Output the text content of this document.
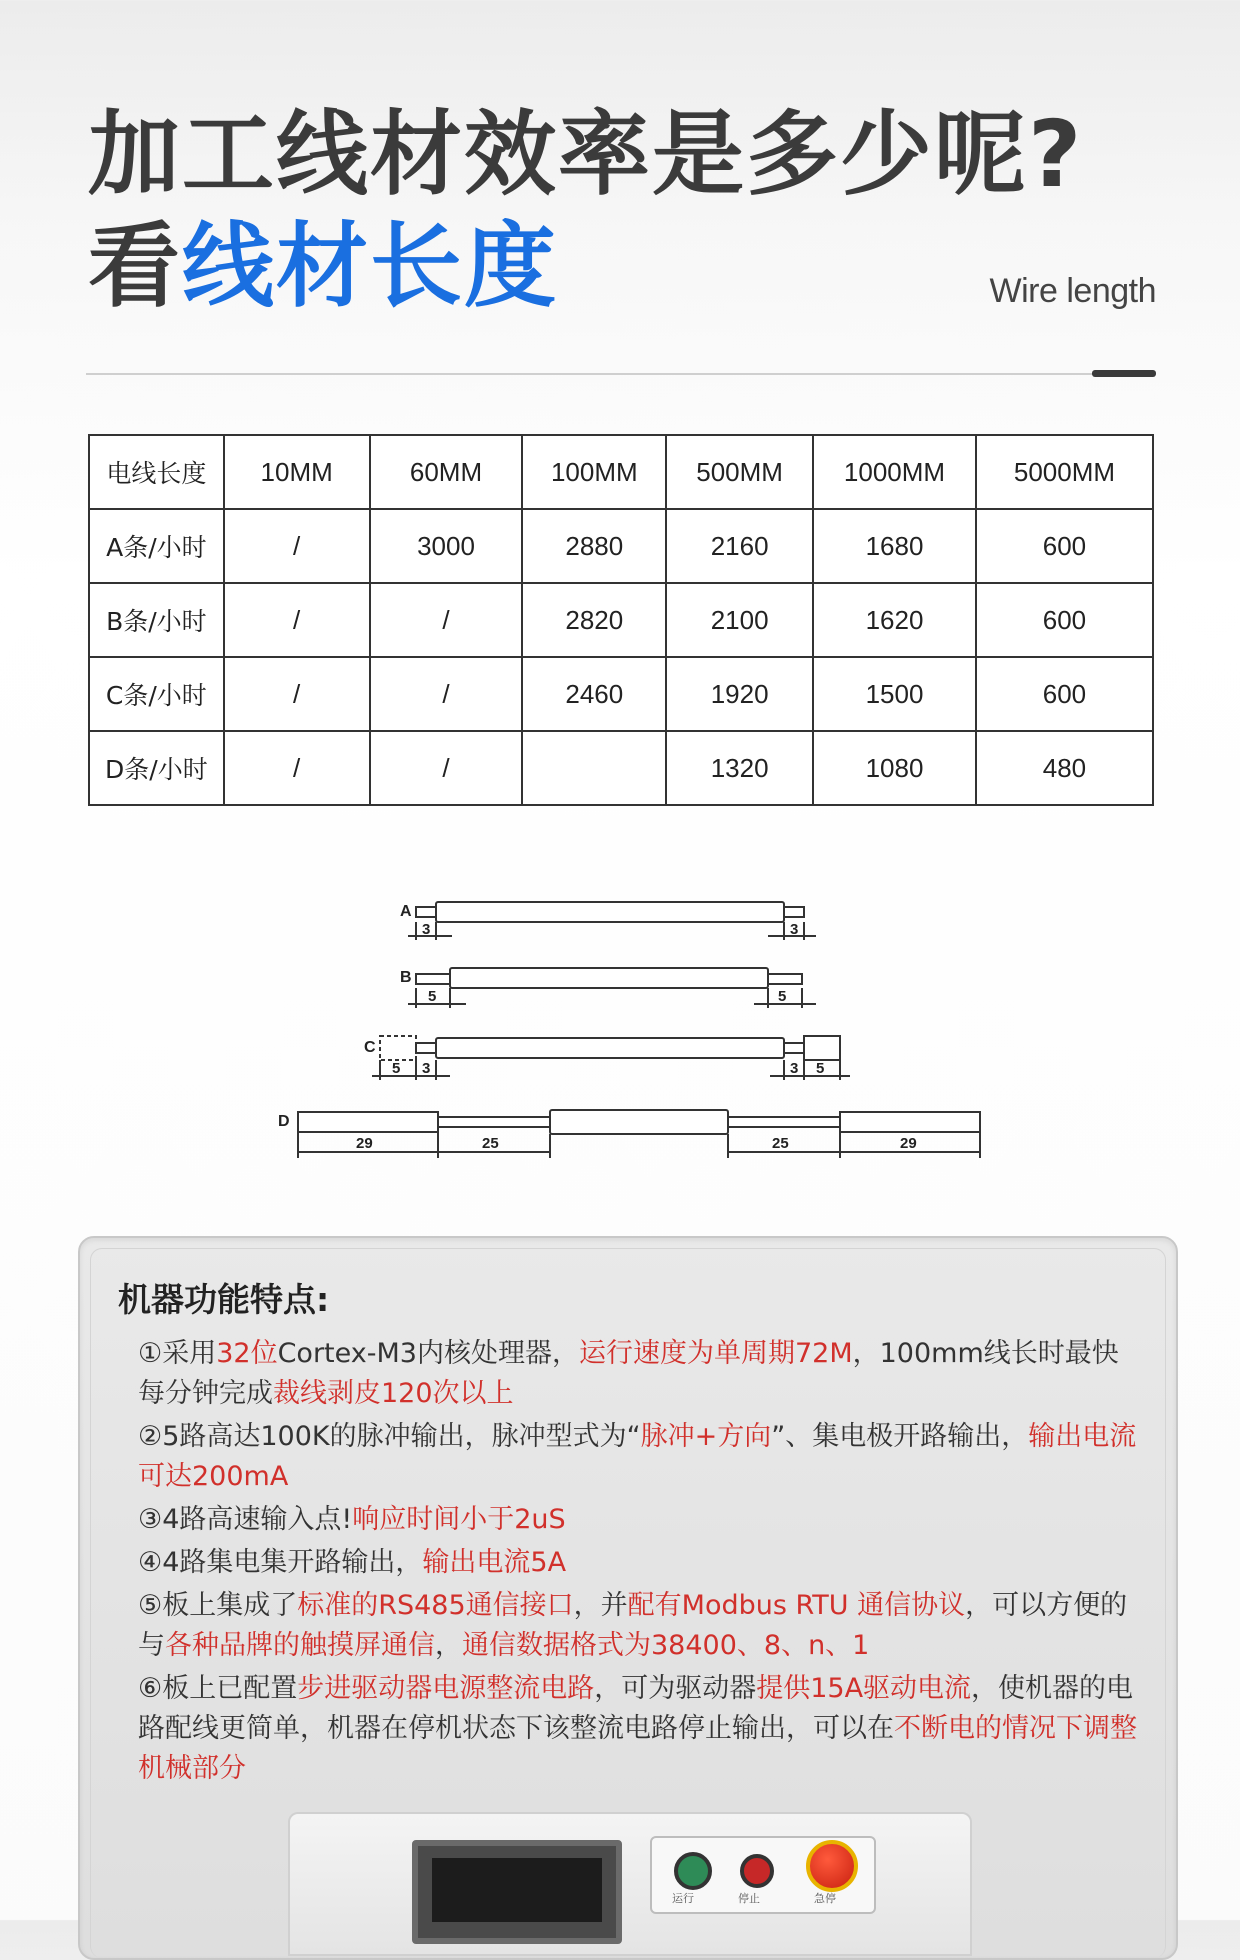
加工线材效率是多少呢?
看线材长度	Wire length
电线长度	10MM	60MM	100MM	500MM	1000MM	5000MM
A条/小时	/	3000	2880	2160	1680	600
B条/小时	/	/	2820	2100	1620	600
C条/小时	/	/	2460	1920	1500	600
D条/小时	/	/		1320	1080	480
A
3	3
B
5	5
C
5 3	3 5
D
29	25	25	29
机器功能特点:
①采用32位Cortex-M3内核处理器，运行速度为单周期72M，100mm线长时最快每分钟完成裁线剥皮120次以上
②5路高达100K的脉冲输出，脉冲型式为“脉冲+方向”、集电极开路输出，输出电流可达200mA
③4路高速输入点!响应时间小于2uS
④4路集电集开路输出，输出电流5A
⑤板上集成了标准的RS485通信接口，并配有Modbus RTU 通信协议，可以方便的与各种品牌的触摸屏通信，通信数据格式为38400、8、n、1
⑥板上已配置步进驱动器电源整流电路，可为驱动器提供15A驱动电流，使机器的电路配线更简单，机器在停机状态下该整流电路停止输出，可以在不断电的情况下调整机械部分
运行	停止	急停
